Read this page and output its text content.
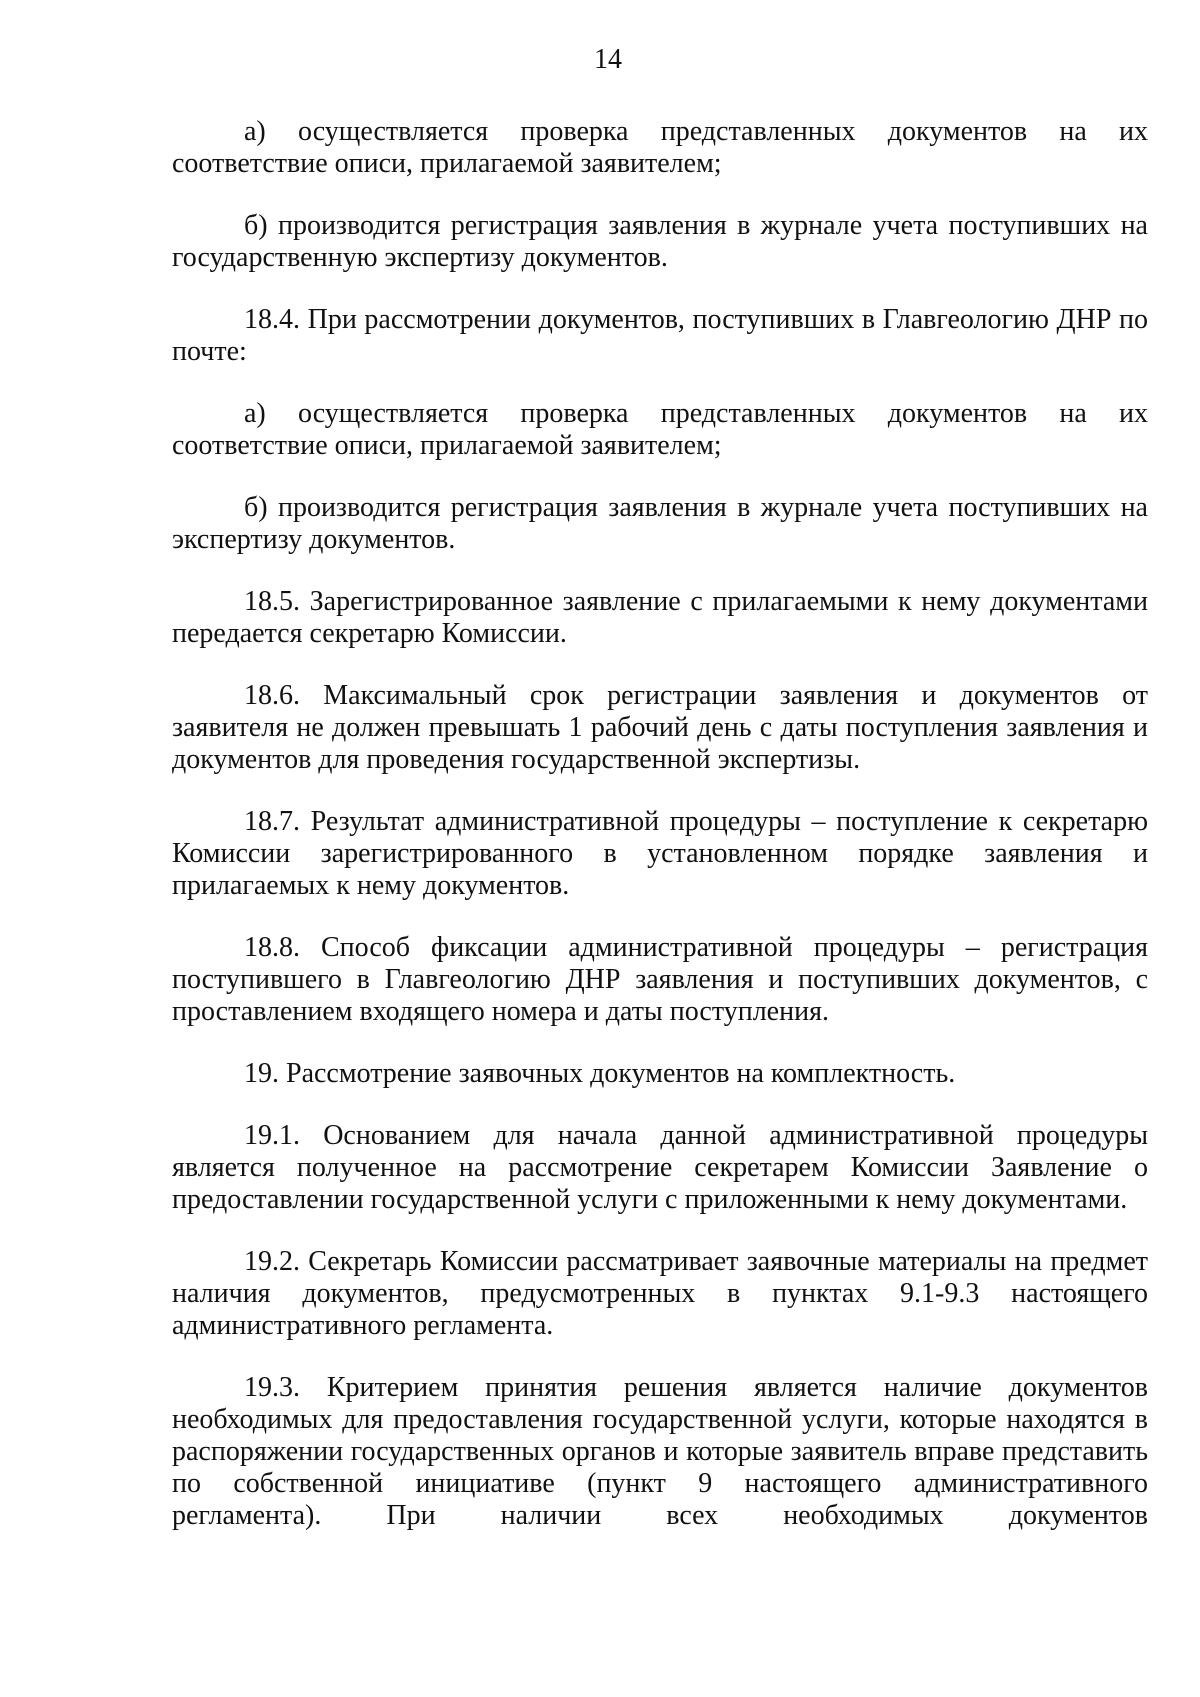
14

а) осуществляется проверка представленных документов на их соответствие описи, прилагаемой заявителем;

б) производится регистрация заявления в журнале учета поступивших на государственную экспертизу документов.

18.4. При рассмотрении документов, поступивших в Главгеологию ДНР по почте:

а) осуществляется проверка представленных документов на их соответствие описи, прилагаемой заявителем;

б) производится регистрация заявления в журнале учета поступивших на экспертизу документов.

18.5. Зарегистрированное заявление с прилагаемыми к нему документами передается секретарю Комиссии.

18.6. Максимальный срок регистрации заявления и документов от заявителя не должен превышать 1 рабочий день с даты поступления заявления и документов для проведения государственной экспертизы.

18.7. Результат административной процедуры – поступление к секретарю Комиссии зарегистрированного в установленном порядке заявления и прилагаемых к нему документов.

18.8. Способ фиксации административной процедуры – регистрация поступившего в Главгеологию ДНР заявления и поступивших документов, с проставлением входящего номера и даты поступления.

19. Рассмотрение заявочных документов на комплектность.

19.1. Основанием для начала данной административной процедуры является полученное на рассмотрение секретарем Комиссии Заявление о предоставлении государственной услуги с приложенными к нему документами.

19.2. Секретарь Комиссии рассматривает заявочные материалы на предмет наличия документов, предусмотренных в пунктах 9.1-9.3 настоящего административного регламента.

19.3. Критерием принятия решения является наличие документов необходимых для предоставления государственной услуги, которые находятся в распоряжении государственных органов и которые заявитель вправе представить по собственной инициативе (пункт 9 настоящего административного регламента). При наличии всех необходимых документов
